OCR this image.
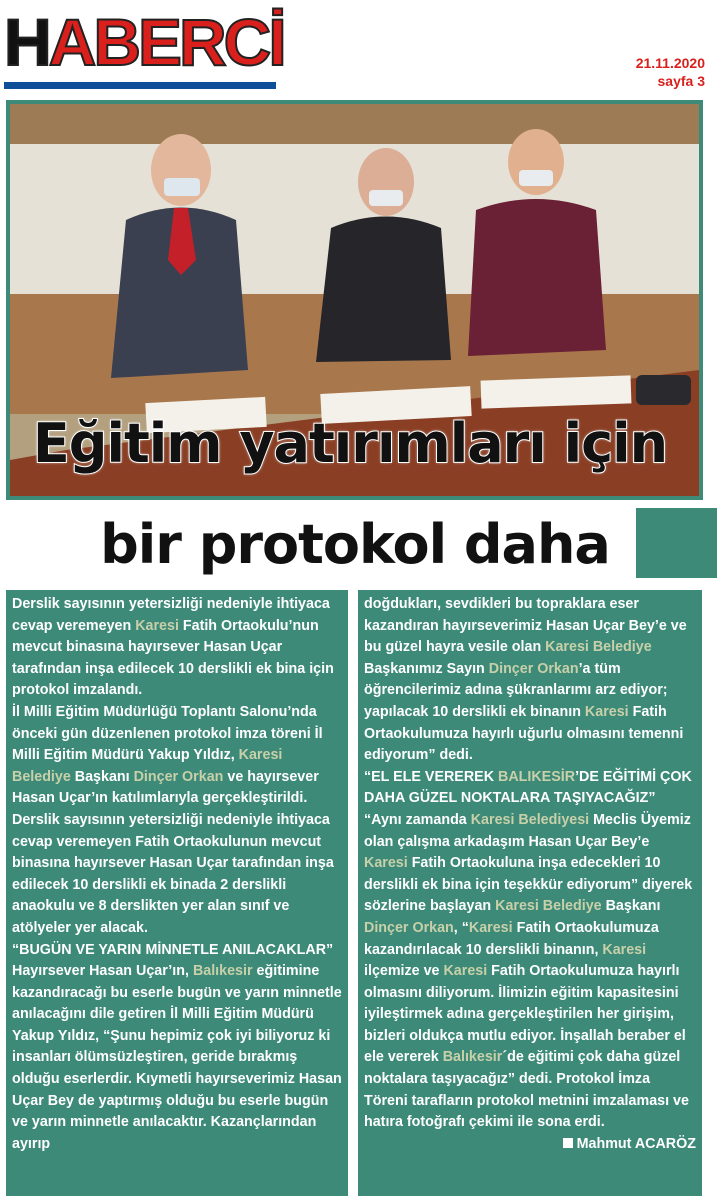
HABERCİ	21.11.2020
sayfa 3
Eğitim yatırımları için
bir protokol daha

Derslik sayısının yetersizliği nedeniyle ihtiyaca cevap veremeyen Karesi Fatih Ortaokulu’nun mevcut binasına hayırsever Hasan Uçar tarafından inşa edilecek 10 derslikli ek bina için protokol imzalandı.

İl Milli Eğitim Müdürlüğü Toplantı Salonu’nda önceki gün düzenlenen protokol imza töreni İl Milli Eğitim Müdürü Yakup Yıldız, Karesi Belediye Başkanı Dinçer Orkan ve hayırsever Hasan Uçar’ın katılımlarıyla gerçekleştirildi.

Derslik sayısının yetersizliği nedeniyle ihtiyaca cevap veremeyen Fatih Ortaokulunun mevcut binasına hayırsever Hasan Uçar tarafından inşa edilecek 10 derslikli ek binada 2 derslikli anaokulu ve 8 derslikten yer alan sınıf ve atölyeler yer alacak.

“BUGÜN VE YARIN MİNNETLE ANILACAKLAR”

Hayırsever Hasan Uçar’ın, Balıkesir eğitimine kazandıracağı bu eserle bugün ve yarın minnetle anılacağını dile getiren İl Milli Eğitim Müdürü Yakup Yıldız, “Şunu hepimiz çok iyi biliyoruz ki insanları ölümsüzleştiren, geride bırakmış olduğu eserlerdir. Kıymetli hayırseverimiz Hasan Uçar Bey de yaptırmış olduğu bu eserle bugün ve yarın minnetle anılacaktır. Kazançlarından ayırıp

doğdukları, sevdikleri bu topraklara eser kazandıran hayırseverimiz Hasan Uçar Bey’e ve bu güzel hayra vesile olan Karesi Belediye Başkanımız Sayın Dinçer Orkan’a tüm öğrencilerimiz adına şükranlarımı arz ediyor; yapılacak 10 derslikli ek binanın Karesi Fatih Ortaokulumuza hayırlı uğurlu olmasını temenni ediyorum” dedi.

“EL ELE VEREREK BALIKESİR’DE EĞİTİMİ ÇOK DAHA GÜZEL NOKTALARA TAŞIYACAĞIZ”

“Aynı zamanda Karesi Belediyesi Meclis Üyemiz olan çalışma arkadaşım Hasan Uçar Bey’e Karesi Fatih Ortaokuluna inşa edecekleri 10 derslikli ek bina için teşekkür ediyorum” diyerek sözlerine başlayan Karesi Belediye Başkanı Dinçer Orkan, “Karesi Fatih Ortaokulumuza kazandırılacak 10 derslikli binanın, Karesi ilçemize ve Karesi Fatih Ortaokulumuza hayırlı olmasını diliyorum. İlimizin eğitim kapasitesini iyileştirmek adına gerçekleştirilen her girişim, bizleri oldukça mutlu ediyor. İnşallah beraber el ele vererek Balıkesir´de eğitimi çok daha güzel noktalara taşıyacağız” dedi. Protokol İmza Töreni tarafların protokol metnini imzalaması ve hatıra fotoğrafı çekimi ile sona erdi.

Mahmut ACARÖZ
